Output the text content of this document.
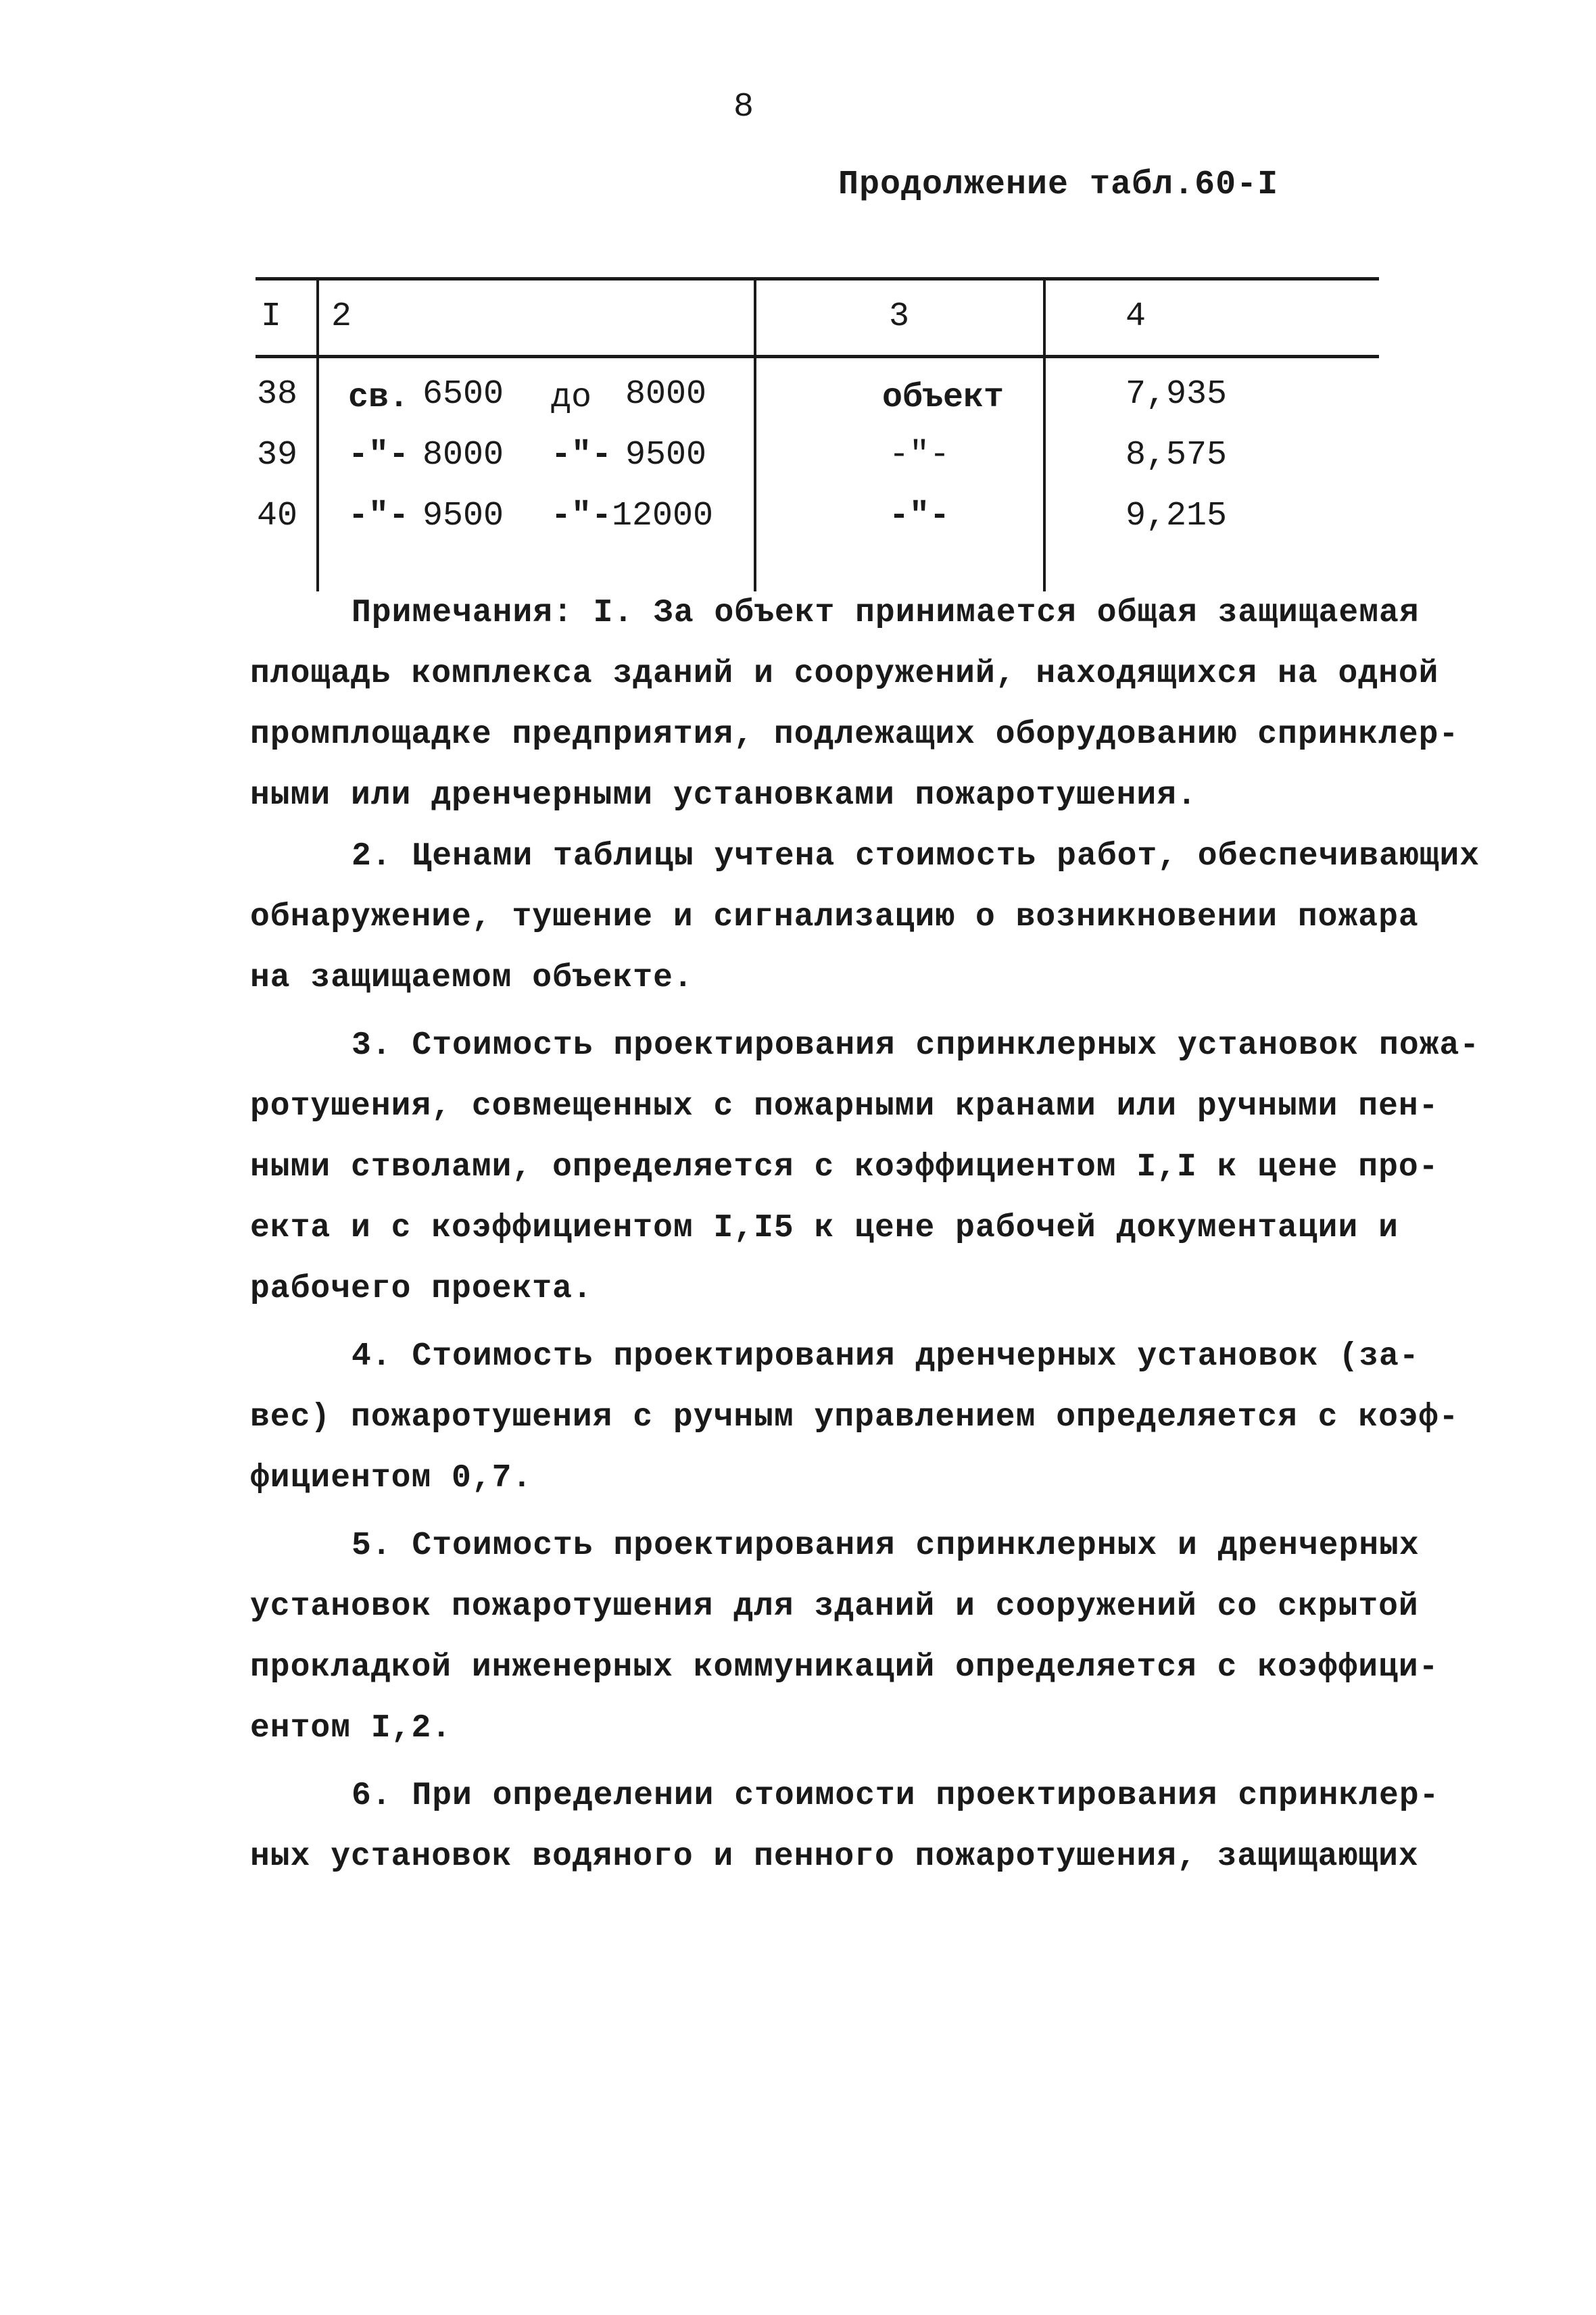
8
Продолжение табл.60-I
I 2	3	4
38 св. 6500 до 8000	объект	7,935
39 -"- 8000 -"- 9500	-"-	8,575
40 -"- 9500 -"- 12000	-"-	9,215
Примечания: I. За объект принимается общая защищаемая
площадь комплекса зданий и сооружений, находящихся на одной
промплощадке предприятия, подлежащих оборудованию спринклер-
ными или дренчерными установками пожаротушения.
2. Ценами таблицы учтена стоимость работ, обеспечивающих
обнаружение, тушение и сигнализацию о возникновении пожара
на защищаемом объекте.
3. Стоимость проектирования спринклерных установок пожа-
ротушения, совмещенных с пожарными кранами или ручными пен-
ными стволами, определяется с коэффициентом I,I к цене про-
екта и с коэффициентом I,I5 к цене рабочей документации и
рабочего проекта.
4. Стоимость проектирования дренчерных установок (за-
вес) пожаротушения с ручным управлением определяется с коэф-
фициентом 0,7.
5. Стоимость проектирования спринклерных и дренчерных
установок пожаротушения для зданий и сооружений со скрытой
прокладкой инженерных коммуникаций определяется с коэффици-
ентом I,2.
6. При определении стоимости проектирования спринклер-
ных установок водяного и пенного пожаротушения, защищающих
